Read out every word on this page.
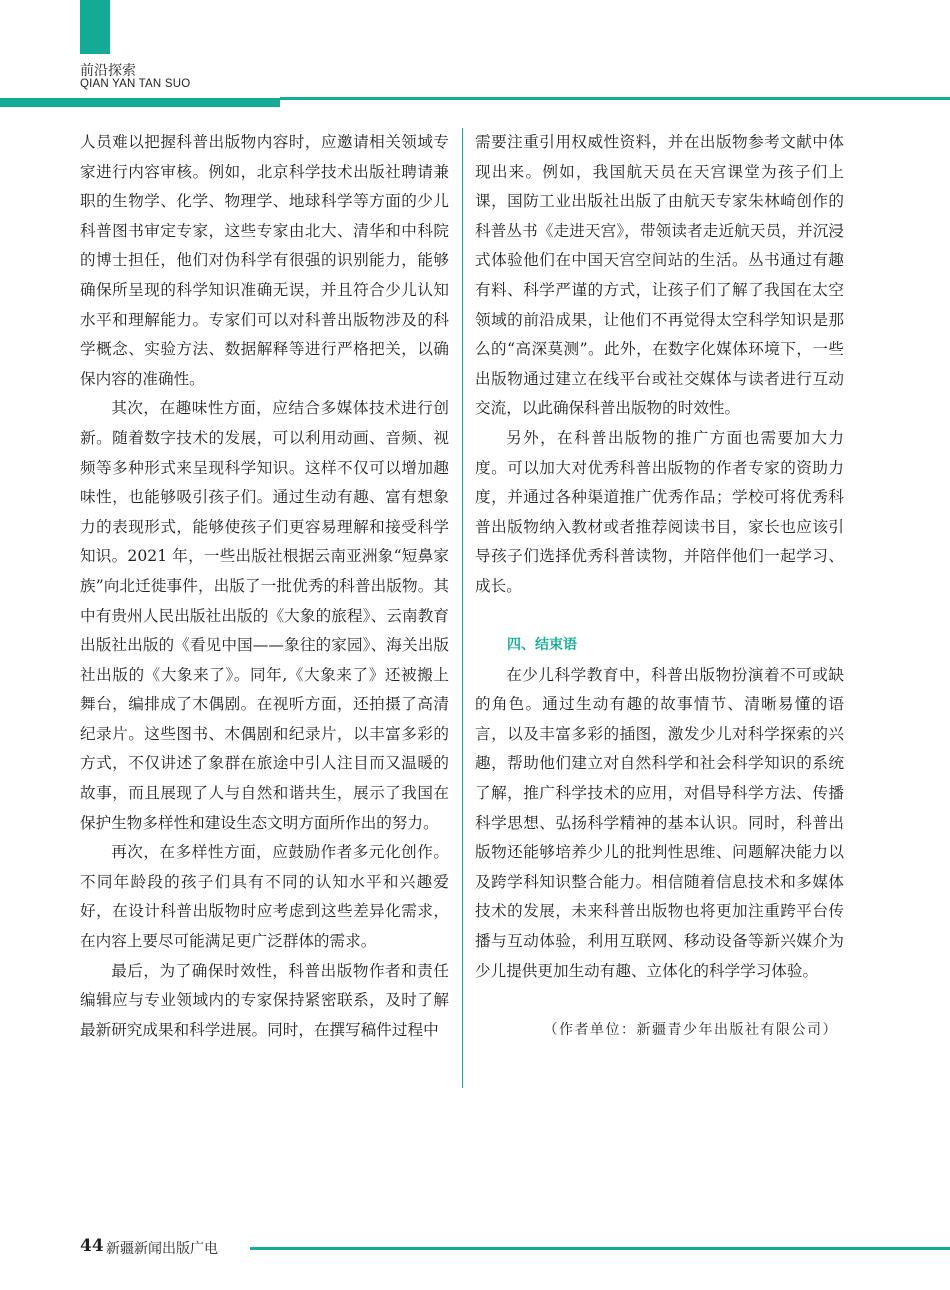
前沿探索
QIAN YAN TAN SUO

人员难以把握科普出版物内容时，应邀请相关领域专家进行内容审核。例如，北京科学技术出版社聘请兼职的生物学、化学、物理学、地球科学等方面的少儿科普图书审定专家，这些专家由北大、清华和中科院的博士担任，他们对伪科学有很强的识别能力，能够确保所呈现的科学知识准确无误，并且符合少儿认知水平和理解能力。专家们可以对科普出版物涉及的科学概念、实验方法、数据解释等进行严格把关，以确保内容的准确性。

其次，在趣味性方面，应结合多媒体技术进行创新。随着数字技术的发展，可以利用动画、音频、视频等多种形式来呈现科学知识。这样不仅可以增加趣味性，也能够吸引孩子们。通过生动有趣、富有想象力的表现形式，能够使孩子们更容易理解和接受科学知识。2021 年，一些出版社根据云南亚洲象“短鼻家族”向北迁徙事件，出版了一批优秀的科普出版物。其中有贵州人民出版社出版的《大象的旅程》、云南教育出版社出版的《看见中国——象往的家园》、海关出版社出版的《大象来了》。同年,《大象来了》还被搬上舞台，编排成了木偶剧。在视听方面，还拍摄了高清纪录片。这些图书、木偶剧和纪录片，以丰富多彩的方式，不仅讲述了象群在旅途中引人注目而又温暖的故事，而且展现了人与自然和谐共生，展示了我国在保护生物多样性和建设生态文明方面所作出的努力。

再次，在多样性方面，应鼓励作者多元化创作。不同年龄段的孩子们具有不同的认知水平和兴趣爱好，在设计科普出版物时应考虑到这些差异化需求，在内容上要尽可能满足更广泛群体的需求。

最后，为了确保时效性，科普出版物作者和责任编辑应与专业领域内的专家保持紧密联系，及时了解最新研究成果和科学进展。同时，在撰写稿件过程中

需要注重引用权威性资料，并在出版物参考文献中体现出来。例如，我国航天员在天宫课堂为孩子们上课，国防工业出版社出版了由航天专家朱林崎创作的科普丛书《走进天宫》，带领读者走近航天员，并沉浸式体验他们在中国天宫空间站的生活。丛书通过有趣有料、科学严谨的方式，让孩子们了解了我国在太空领域的前沿成果，让他们不再觉得太空科学知识是那么的“高深莫测”。此外，在数字化媒体环境下，一些出版物通过建立在线平台或社交媒体与读者进行互动交流，以此确保科普出版物的时效性。

另外，在科普出版物的推广方面也需要加大力度。可以加大对优秀科普出版物的作者专家的资助力度，并通过各种渠道推广优秀作品；学校可将优秀科普出版物纳入教材或者推荐阅读书目，家长也应该引导孩子们选择优秀科普读物，并陪伴他们一起学习、成长。

四、结束语

在少儿科学教育中，科普出版物扮演着不可或缺的角色。通过生动有趣的故事情节、清晰易懂的语言，以及丰富多彩的插图，激发少儿对科学探索的兴趣，帮助他们建立对自然科学和社会科学知识的系统了解，推广科学技术的应用，对倡导科学方法、传播科学思想、弘扬科学精神的基本认识。同时，科普出版物还能够培养少儿的批判性思维、问题解决能力以及跨学科知识整合能力。相信随着信息技术和多媒体技术的发展，未来科普出版物也将更加注重跨平台传播与互动体验，利用互联网、移动设备等新兴媒介为少儿提供更加生动有趣、立体化的科学学习体验。

（作者单位：新疆青少年出版社有限公司）
44 新疆新闻出版广电
